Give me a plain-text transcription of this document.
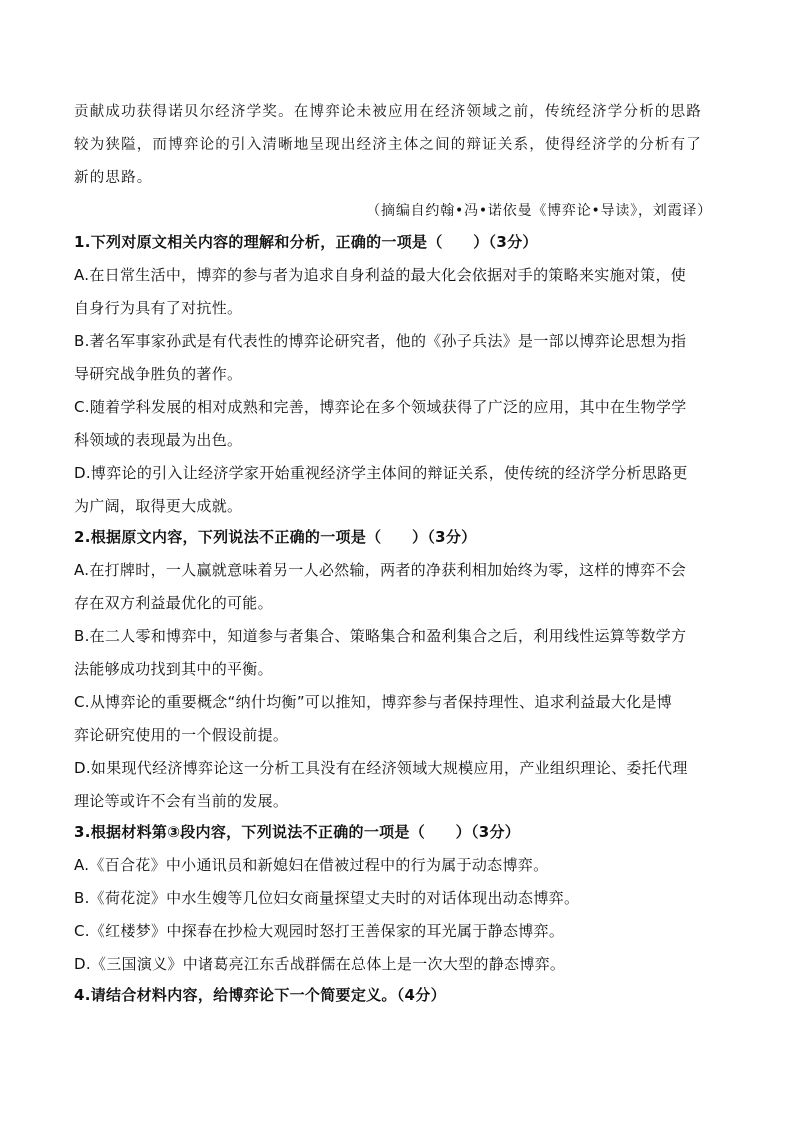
贡献成功获得诺贝尔经济学奖。在博弈论未被应用在经济领域之前，传统经济学分析的思路
较为狭隘，而博弈论的引入清晰地呈现出经济主体之间的辩证关系，使得经济学的分析有了
新的思路。
（摘编自约翰•冯•诺依曼《博弈论•导读》，刘霞译）
1.下列对原文相关内容的理解和分析，正确的一项是（　　）（3分）
A.在日常生活中，博弈的参与者为追求自身利益的最大化会依据对手的策略来实施对策，使
自身行为具有了对抗性。
B.著名军事家孙武是有代表性的博弈论研究者，他的《孙子兵法》是一部以博弈论思想为指
导研究战争胜负的著作。
C.随着学科发展的相对成熟和完善，博弈论在多个领域获得了广泛的应用，其中在生物学学
科领域的表现最为出色。
D.博弈论的引入让经济学家开始重视经济学主体间的辩证关系，使传统的经济学分析思路更
为广阔，取得更大成就。
2.根据原文内容，下列说法不正确的一项是（　　）（3分）
A.在打牌时，一人赢就意味着另一人必然输，两者的净获利相加始终为零，这样的博弈不会
存在双方利益最优化的可能。
B.在二人零和博弈中，知道参与者集合、策略集合和盈利集合之后，利用线性运算等数学方
法能够成功找到其中的平衡。
C.从博弈论的重要概念“纳什均衡”可以推知，博弈参与者保持理性、追求利益最大化是博
弈论研究使用的一个假设前提。
D.如果现代经济博弈论这一分析工具没有在经济领域大规模应用，产业组织理论、委托代理
理论等或许不会有当前的发展。
3.根据材料第③段内容，下列说法不正确的一项是（　　）（3分）
A.《百合花》中小通讯员和新媳妇在借被过程中的行为属于动态博弈。
B.《荷花淀》中水生嫂等几位妇女商量探望丈夫时的对话体现出动态博弈。
C.《红楼梦》中探春在抄检大观园时怒打王善保家的耳光属于静态博弈。
D.《三国演义》中诸葛亮江东舌战群儒在总体上是一次大型的静态博弈。
4.请结合材料内容，给博弈论下一个简要定义。（4分）
